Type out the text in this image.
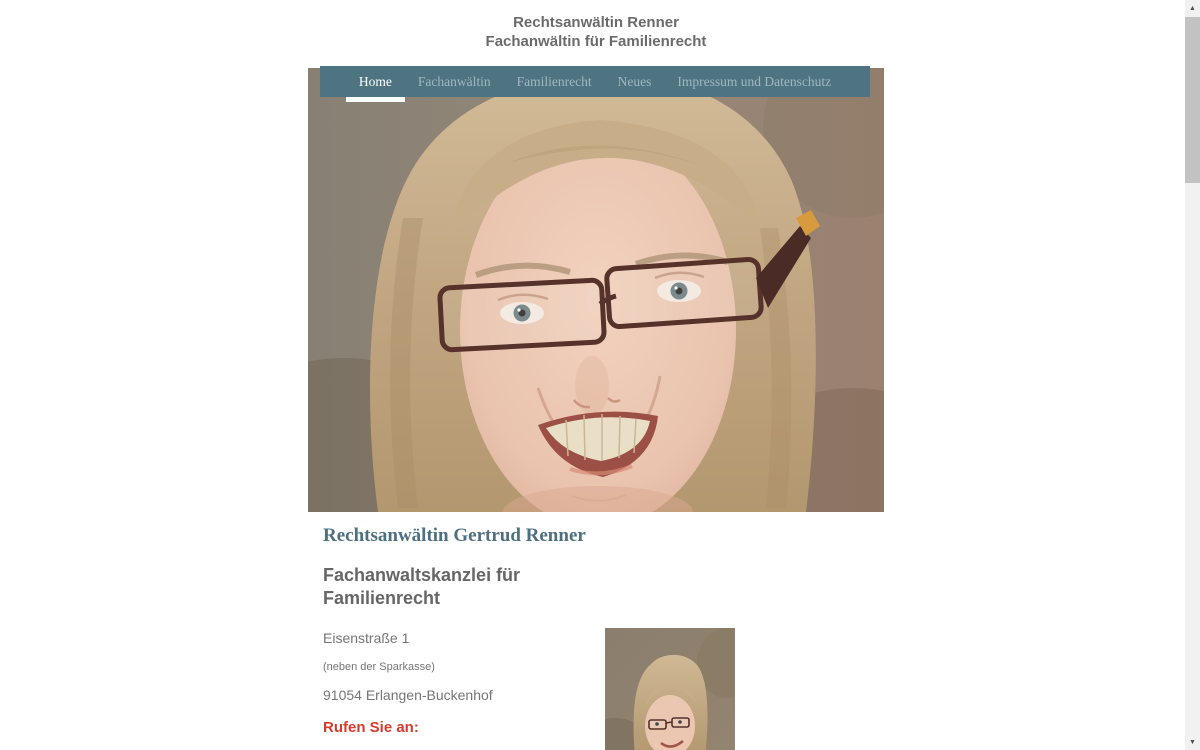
Rechtsanwältin Renner
Fachanwältin für Familienrecht
Home	Fachanwältin	Familienrecht	Neues	Impressum und Datenschutz
Rechtsanwältin Gertrud Renner
Fachanwaltskanzlei für
Familienrecht
Eisenstraße 1
(neben der Sparkasse)
91054 Erlangen-Buckenhof
Rufen Sie an:
▲
▼
